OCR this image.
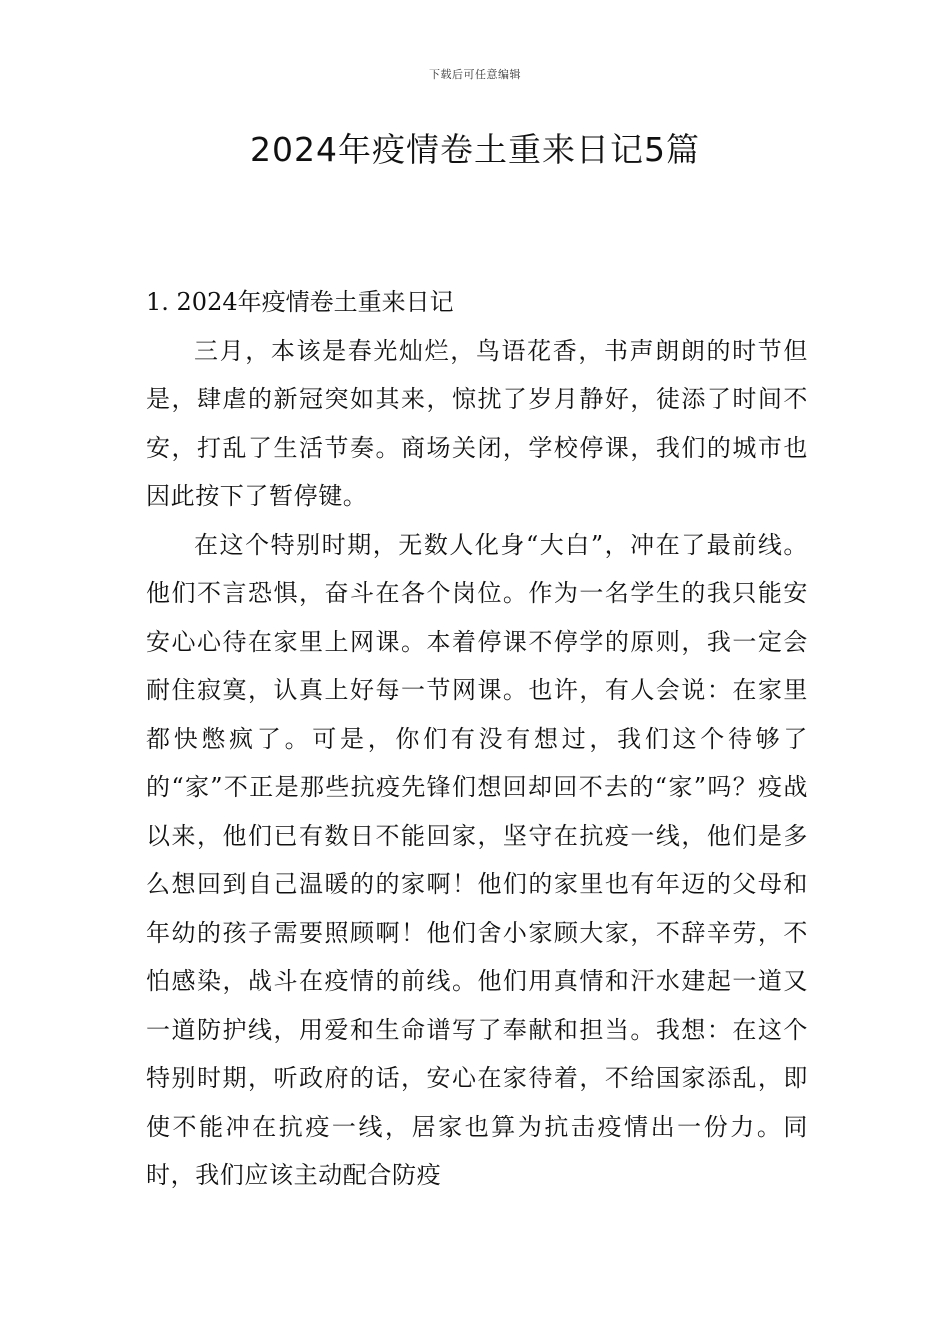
下载后可任意编辑
2024年疫情卷土重来日记5篇
1. 2024年疫情卷土重来日记

三月，本该是春光灿烂，鸟语花香，书声朗朗的时节但是，肆虐的新冠突如其来，惊扰了岁月静好，徒添了时间不安，打乱了生活节奏。商场关闭，学校停课，我们的城市也因此按下了暂停键。

在这个特别时期，无数人化身“大白”，冲在了最前线。他们不言恐惧，奋斗在各个岗位。作为一名学生的我只能安安心心待在家里上网课。本着停课不停学的原则，我一定会耐住寂寞，认真上好每一节网课。也许，有人会说：在家里都快憋疯了。可是，你们有没有想过，我们这个待够了的“家”不正是那些抗疫先锋们想回却回不去的“家”吗？疫战以来，他们已有数日不能回家，坚守在抗疫一线，他们是多么想回到自己温暖的的家啊！他们的家里也有年迈的父母和年幼的孩子需要照顾啊！他们舍小家顾大家，不辞辛劳，不怕感染，战斗在疫情的前线。他们用真情和汗水建起一道又一道防护线，用爱和生命谱写了奉献和担当。我想：在这个特别时期，听政府的话，安心在家待着，不给国家添乱，即使不能冲在抗疫一线，居家也算为抗击疫情出一份力。同时，我们应该主动配合防疫
